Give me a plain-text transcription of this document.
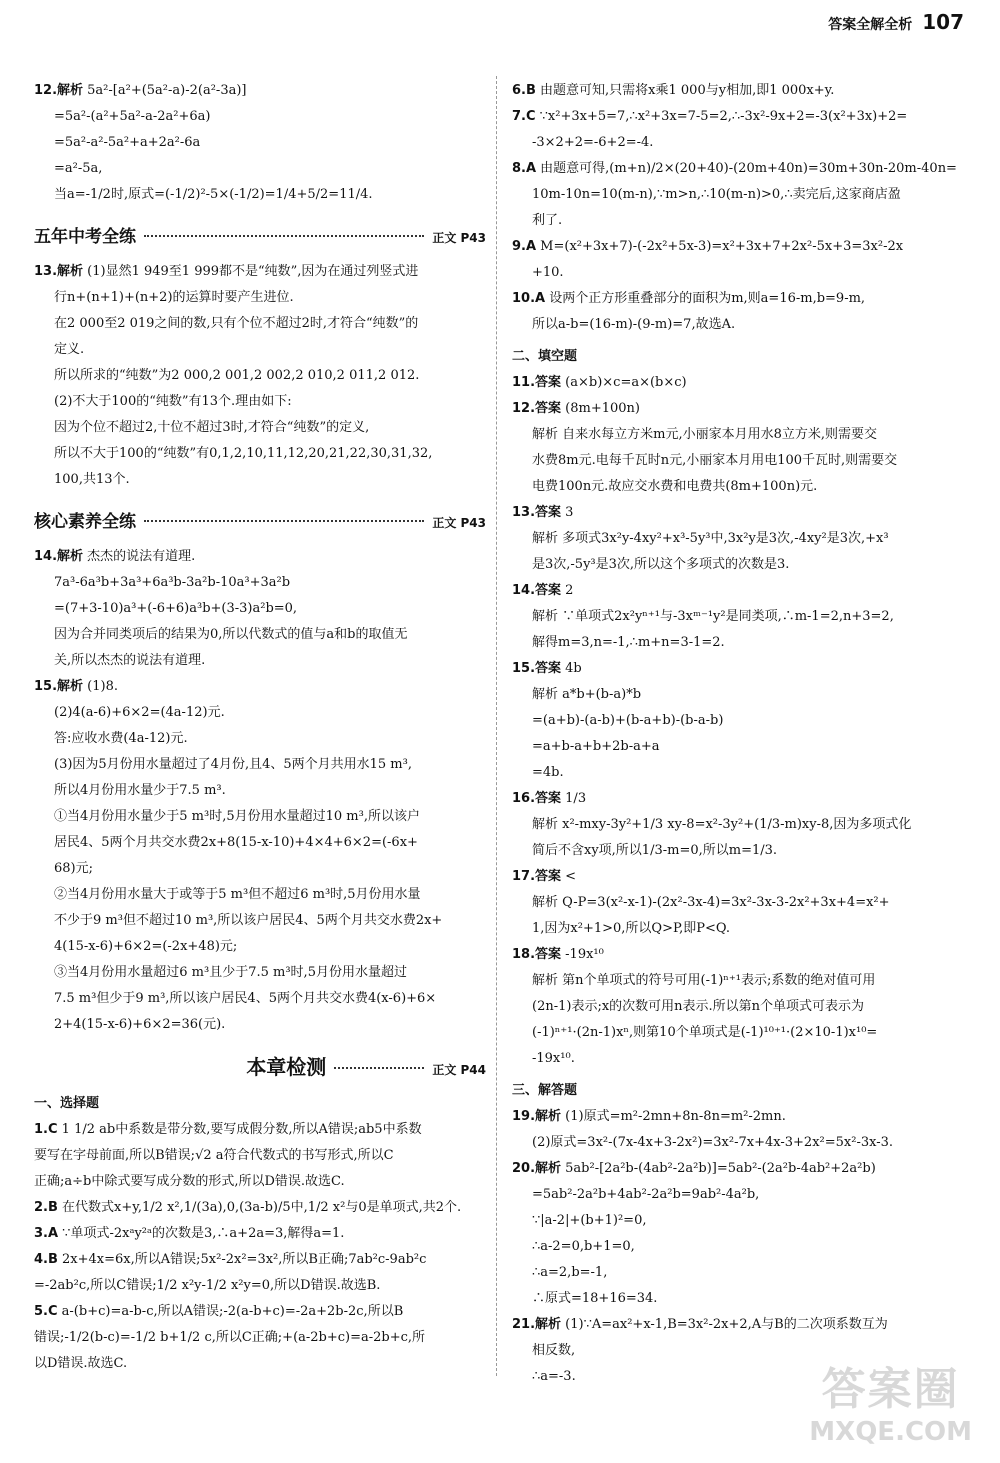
答案全解全析 107
12.解析 5a²-[a²+(5a²-a)-2(a²-3a)]
=5a²-(a²+5a²-a-2a²+6a)
=5a²-a²-5a²+a+2a²-6a
=a²-5a,
当a=-1/2时,原式=(-1/2)²-5×(-1/2)=1/4+5/2=11/4.
五年中考全练	正文 P43
13.解析 (1)显然1 949至1 999都不是“纯数”,因为在通过列竖式进
行n+(n+1)+(n+2)的运算时要产生进位.
在2 000至2 019之间的数,只有个位不超过2时,才符合“纯数”的
定义.
所以所求的“纯数”为2 000,2 001,2 002,2 010,2 011,2 012.
(2)不大于100的“纯数”有13个.理由如下:
因为个位不超过2,十位不超过3时,才符合“纯数”的定义,
所以不大于100的“纯数”有0,1,2,10,11,12,20,21,22,30,31,32,
100,共13个.
核心素养全练	正文 P43
14.解析 杰杰的说法有道理.
7a³-6a³b+3a³+6a³b-3a²b-10a³+3a²b
=(7+3-10)a³+(-6+6)a³b+(3-3)a²b=0,
因为合并同类项后的结果为0,所以代数式的值与a和b的取值无
关,所以杰杰的说法有道理.
15.解析 (1)8.
(2)4(a-6)+6×2=(4a-12)元.
答:应收水费(4a-12)元.
(3)因为5月份用水量超过了4月份,且4、5两个月共用水15 m³,
所以4月份用水量少于7.5 m³.
①当4月份用水量少于5 m³时,5月份用水量超过10 m³,所以该户
居民4、5两个月共交水费2x+8(15-x-10)+4×4+6×2=(-6x+
68)元;
②当4月份用水量大于或等于5 m³但不超过6 m³时,5月份用水量
不少于9 m³但不超过10 m³,所以该户居民4、5两个月共交水费2x+
4(15-x-6)+6×2=(-2x+48)元;
③当4月份用水量超过6 m³且少于7.5 m³时,5月份用水量超过
7.5 m³但少于9 m³,所以该户居民4、5两个月共交水费4(x-6)+6×
2+4(15-x-6)+6×2=36(元).
本章检测	正文 P44
一、选择题
1.C 1 1/2 ab中系数是带分数,要写成假分数,所以A错误;ab5中系数
要写在字母前面,所以B错误;√2 a符合代数式的书写形式,所以C
正确;a÷b中除式要写成分数的形式,所以D错误.故选C.
2.B 在代数式x+y,1/2 x²,1/(3a),0,(3a-b)/5中,1/2 x²与0是单项式,共2个.
3.A ∵单项式-2xᵃy²ᵃ的次数是3,∴a+2a=3,解得a=1.
4.B 2x+4x=6x,所以A错误;5x²-2x²=3x²,所以B正确;7ab²c-9ab²c
=-2ab²c,所以C错误;1/2 x²y-1/2 x²y=0,所以D错误.故选B.
5.C a-(b+c)=a-b-c,所以A错误;-2(a-b+c)=-2a+2b-2c,所以B
错误;-1/2(b-c)=-1/2 b+1/2 c,所以C正确;+(a-2b+c)=a-2b+c,所
以D错误.故选C.
6.B 由题意可知,只需将x乘1 000与y相加,即1 000x+y.
7.C ∵x²+3x+5=7,∴x²+3x=7-5=2,∴-3x²-9x+2=-3(x²+3x)+2=
-3×2+2=-6+2=-4.
8.A 由题意可得,(m+n)/2×(20+40)-(20m+40n)=30m+30n-20m-40n=
10m-10n=10(m-n),∵m>n,∴10(m-n)>0,∴卖完后,这家商店盈
利了.
9.A M=(x²+3x+7)-(-2x²+5x-3)=x²+3x+7+2x²-5x+3=3x²-2x
+10.
10.A 设两个正方形重叠部分的面积为m,则a=16-m,b=9-m,
所以a-b=(16-m)-(9-m)=7,故选A.
二、填空题
11.答案 (a×b)×c=a×(b×c)
12.答案 (8m+100n)
解析 自来水每立方米m元,小丽家本月用水8立方米,则需要交
水费8m元.电每千瓦时n元,小丽家本月用电100千瓦时,则需要交
电费100n元.故应交水费和电费共(8m+100n)元.
13.答案 3
解析 多项式3x²y-4xy²+x³-5y³中,3x²y是3次,-4xy²是3次,+x³
是3次,-5y³是3次,所以这个多项式的次数是3.
14.答案 2
解析 ∵单项式2x²yⁿ⁺¹与-3xᵐ⁻¹y²是同类项,∴m-1=2,n+3=2,
解得m=3,n=-1,∴m+n=3-1=2.
15.答案 4b
解析 a*b+(b-a)*b
=(a+b)-(a-b)+(b-a+b)-(b-a-b)
=a+b-a+b+2b-a+a
=4b.
16.答案 1/3
解析 x²-mxy-3y²+1/3 xy-8=x²-3y²+(1/3-m)xy-8,因为多项式化
简后不含xy项,所以1/3-m=0,所以m=1/3.
17.答案 <
解析 Q-P=3(x²-x-1)-(2x²-3x-4)=3x²-3x-3-2x²+3x+4=x²+
1,因为x²+1>0,所以Q>P,即P<Q.
18.答案 -19x¹⁰
解析 第n个单项式的符号可用(-1)ⁿ⁺¹表示;系数的绝对值可用
(2n-1)表示;x的次数可用n表示.所以第n个单项式可表示为
(-1)ⁿ⁺¹·(2n-1)xⁿ,则第10个单项式是(-1)¹⁰⁺¹·(2×10-1)x¹⁰=
-19x¹⁰.
三、解答题
19.解析 (1)原式=m²-2mn+8n-8n=m²-2mn.
(2)原式=3x²-(7x-4x+3-2x²)=3x²-7x+4x-3+2x²=5x²-3x-3.
20.解析 5ab²-[2a²b-(4ab²-2a²b)]=5ab²-(2a²b-4ab²+2a²b)
=5ab²-2a²b+4ab²-2a²b=9ab²-4a²b,
∵|a-2|+(b+1)²=0,
∴a-2=0,b+1=0,
∴a=2,b=-1,
∴原式=18+16=34.
21.解析 (1)∵A=ax²+x-1,B=3x²-2x+2,A与B的二次项系数互为
相反数,
∴a=-3.	答案圈
MXQE.COM
